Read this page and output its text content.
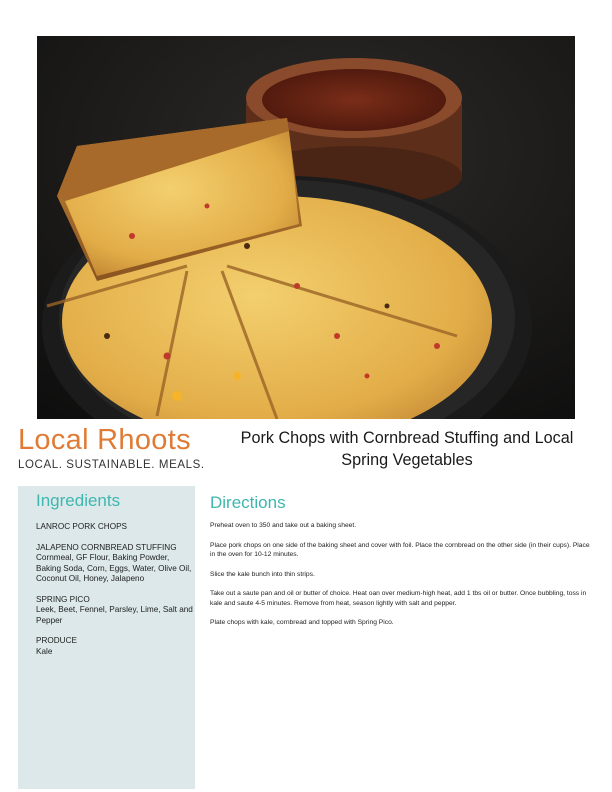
Local Rhoots
LOCAL. SUSTAINABLE. MEALS.
Pork Chops with Cornbread Stuffing and Local Spring Vegetables
Ingredients
LANROC PORK CHOPS
JALAPENO CORNBREAD STUFFING
Cornmeal, GF Flour, Baking Powder, Baking Soda, Corn, Eggs, Water, Olive Oil, Coconut Oil, Honey, Jalapeno
SPRING PICO
Leek, Beet, Fennel, Parsley, Lime, Salt and Pepper
PRODUCE
Kale
Directions

Preheat oven to 350 and take out a baking sheet.

Place pork chops on one side of the baking sheet and cover with foil. Place the cornbread on the other side (in their cups). Place in the oven for 10-12 minutes.

Slice the kale bunch into thin strips.

Take out a saute pan and oil or butter of choice. Heat oan over medium-high heat, add 1 tbs oil or butter. Once bubbling, toss in kale and saute 4-5 minutes. Remove from heat, season lightly with salt and pepper.

Plate chops with kale, cornbread and topped with Spring Pico.
